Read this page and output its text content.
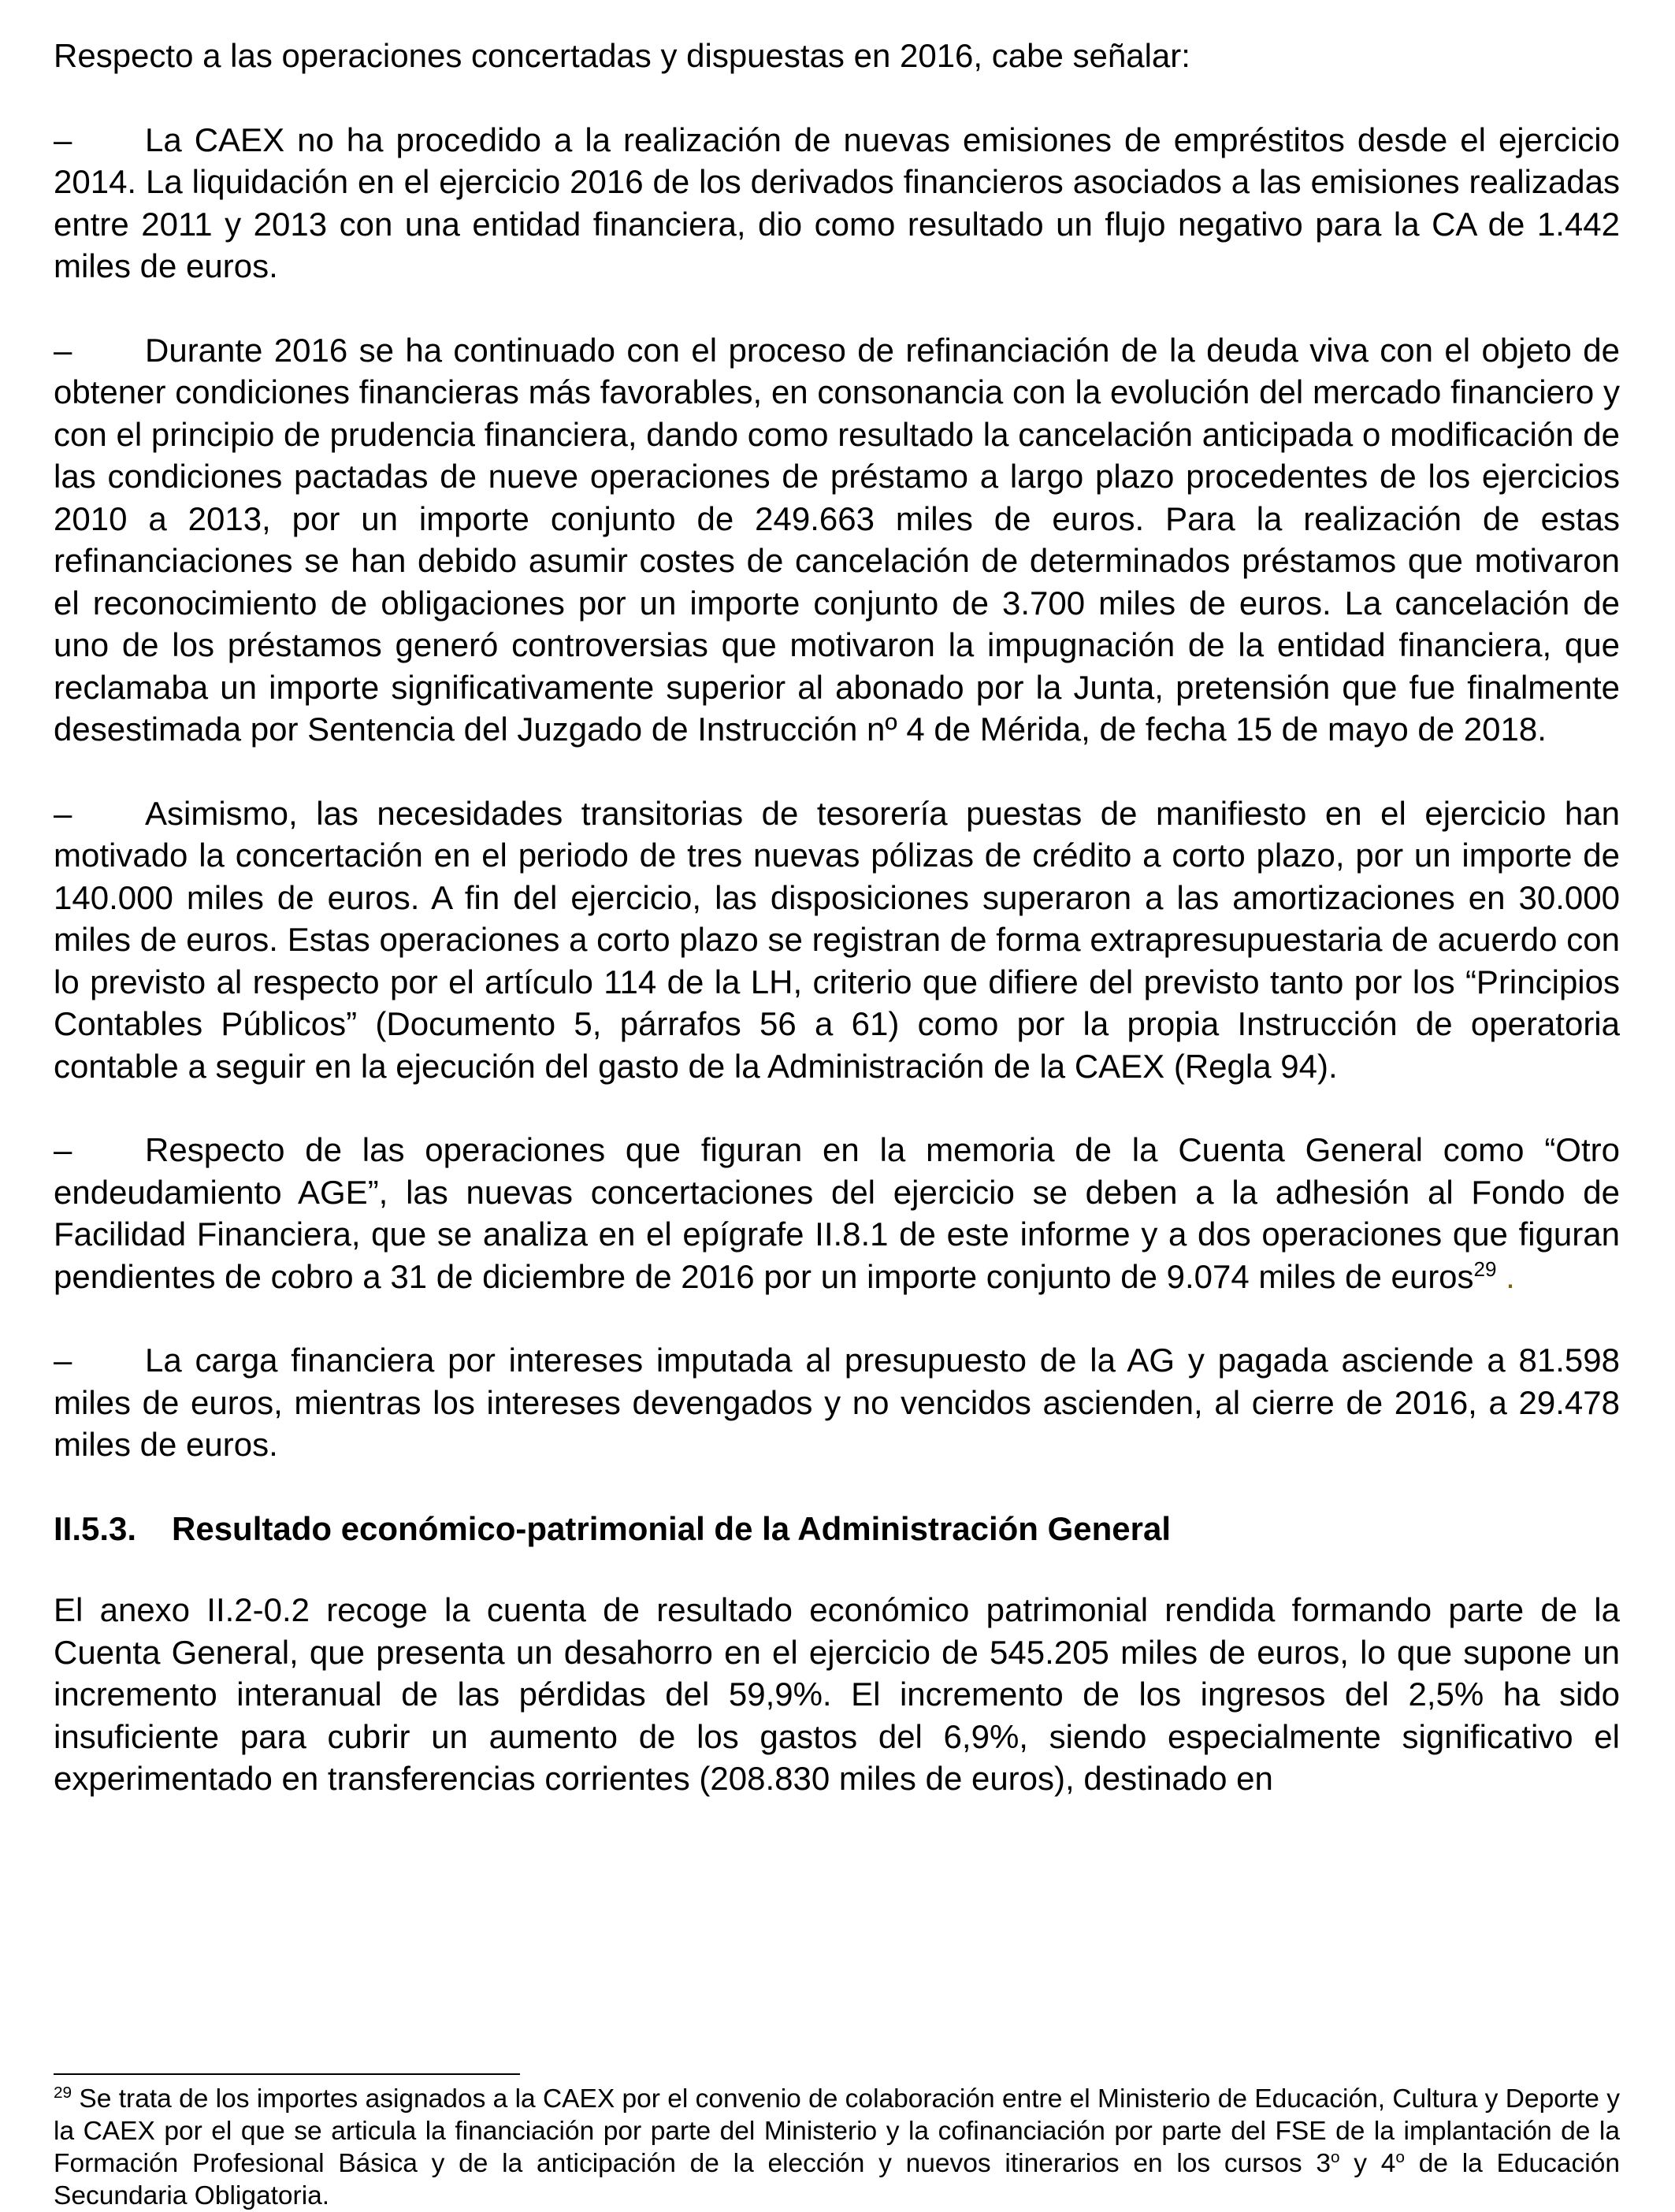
Respecto a las operaciones concertadas y dispuestas en 2016, cabe señalar:

– La CAEX no ha procedido a la realización de nuevas emisiones de empréstitos desde el ejercicio 2014. La liquidación en el ejercicio 2016 de los derivados financieros asociados a las emisiones realizadas entre 2011 y 2013 con una entidad financiera, dio como resultado un flujo negativo para la CA de 1.442 miles de euros.

– Durante 2016 se ha continuado con el proceso de refinanciación de la deuda viva con el objeto de obtener condiciones financieras más favorables, en consonancia con la evolución del mercado financiero y con el principio de prudencia financiera, dando como resultado la cancelación anticipada o modificación de las condiciones pactadas de nueve operaciones de préstamo a largo plazo procedentes de los ejercicios 2010 a 2013, por un importe conjunto de 249.663 miles de euros. Para la realización de estas refinanciaciones se han debido asumir costes de cancelación de determinados préstamos que motivaron el reconocimiento de obligaciones por un importe conjunto de 3.700 miles de euros. La cancelación de uno de los préstamos generó controversias que motivaron la impugnación de la entidad financiera, que reclamaba un importe significativamente superior al abonado por la Junta, pretensión que fue finalmente desestimada por Sentencia del Juzgado de Instrucción nº 4 de Mérida, de fecha 15 de mayo de 2018.

– Asimismo, las necesidades transitorias de tesorería puestas de manifiesto en el ejercicio han motivado la concertación en el periodo de tres nuevas pólizas de crédito a corto plazo, por un importe de 140.000 miles de euros. A fin del ejercicio, las disposiciones superaron a las amortizaciones en 30.000 miles de euros. Estas operaciones a corto plazo se registran de forma extrapresupuestaria de acuerdo con lo previsto al respecto por el artículo 114 de la LH, criterio que difiere del previsto tanto por los “Principios Contables Públicos” (Documento 5, párrafos 56 a 61) como por la propia Instrucción de operatoria contable a seguir en la ejecución del gasto de la Administración de la CAEX (Regla 94).

– Respecto de las operaciones que figuran en la memoria de la Cuenta General como “Otro endeudamiento AGE”, las nuevas concertaciones del ejercicio se deben a la adhesión al Fondo de Facilidad Financiera, que se analiza en el epígrafe II.8.1 de este informe y a dos operaciones que figuran pendientes de cobro a 31 de diciembre de 2016 por un importe conjunto de 9.074 miles de euros$^{29}$ .

– La carga financiera por intereses imputada al presupuesto de la AG y pagada asciende a 81.598 miles de euros, mientras los intereses devengados y no vencidos ascienden, al cierre de 2016, a 29.478 miles de euros.

II.5.3. Resultado económico-patrimonial de la Administración General

El anexo II.2-0.2 recoge la cuenta de resultado económico patrimonial rendida formando parte de la Cuenta General, que presenta un desahorro en el ejercicio de 545.205 miles de euros, lo que supone un incremento interanual de las pérdidas del 59,9%. El incremento de los ingresos del 2,5% ha sido insuficiente para cubrir un aumento de los gastos del 6,9%, siendo especialmente significativo el experimentado en transferencias corrientes (208.830 miles de euros), destinado en

$^{29}$ Se trata de los importes asignados a la CAEX por el convenio de colaboración entre el Ministerio de Educación, Cultura y Deporte y la CAEX por el que se articula la financiación por parte del Ministerio y la cofinanciación por parte del FSE de la implantación de la Formación Profesional Básica y de la anticipación de la elección y nuevos itinerarios en los cursos 3$^o$ y 4$^o$ de la Educación Secundaria Obligatoria.
